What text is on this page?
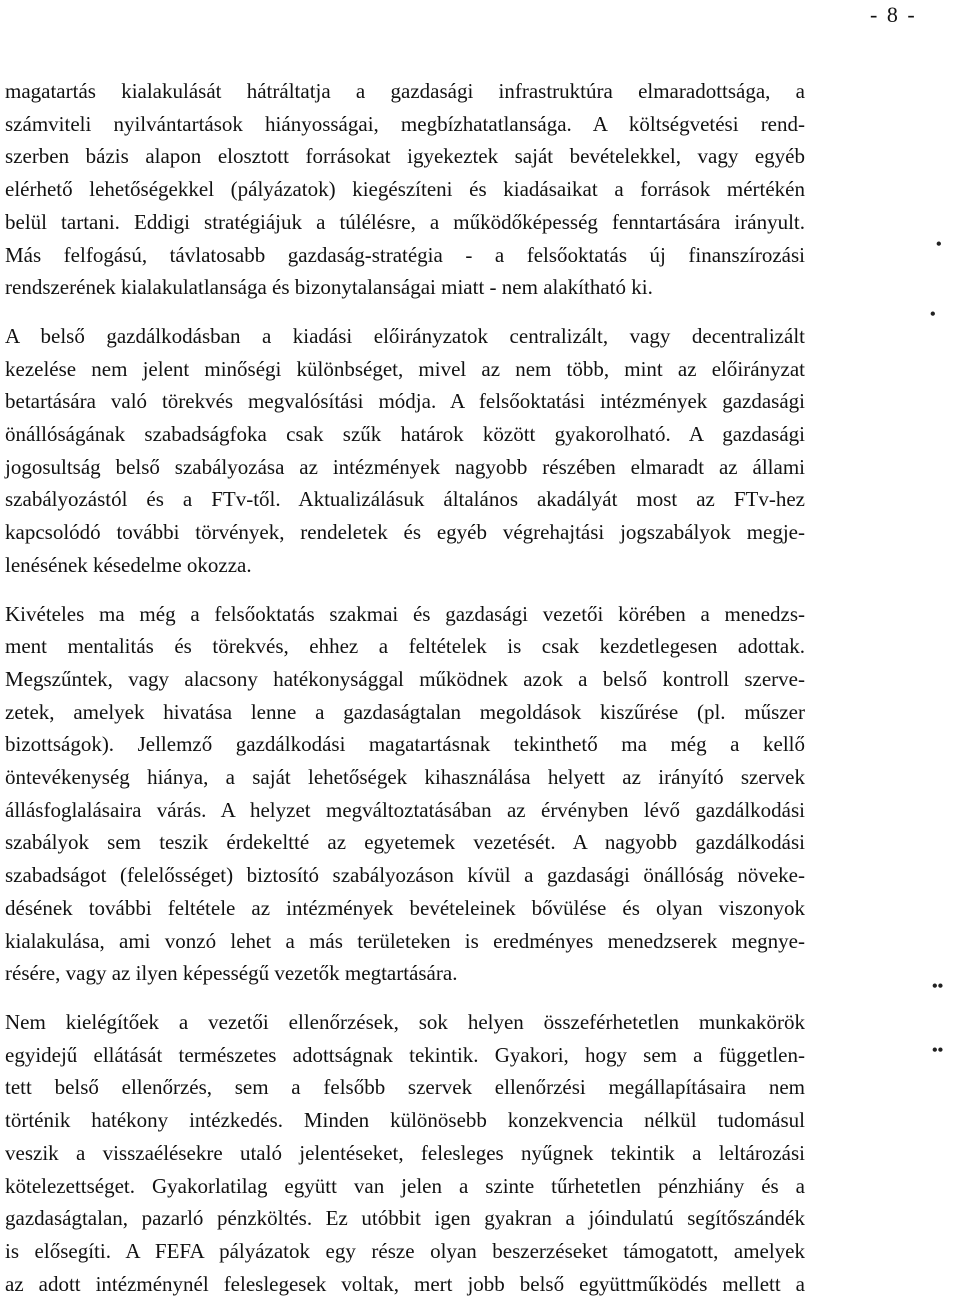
- 8 -

magatartás kialakulását hátráltatja a gazdasági infrastruktúra elmaradottsága, a
számviteli nyilvántartások hiányosságai, megbízhatatlansága. A költségvetési rend-
szerben bázis alapon elosztott forrásokat igyekeztek saját bevételekkel, vagy egyéb
elérhető lehetőségekkel (pályázatok) kiegészíteni és kiadásaikat a források mértékén
belül tartani. Eddigi stratégiájuk a túlélésre, a működőképesség fenntartására irányult.
Más felfogású, távlatosabb gazdaság-stratégia - a felsőoktatás új finanszírozási
rendszerének kialakulatlansága és bizonytalanságai miatt - nem alakítható ki.

A belső gazdálkodásban a kiadási előirányzatok centralizált, vagy decentralizált
kezelése nem jelent minőségi különbséget, mivel az nem több, mint az előirányzat
betartására való törekvés megvalósítási módja. A felsőoktatási intézmények gazdasági
önállóságának szabadságfoka csak szűk határok között gyakorolható. A gazdasági
jogosultság belső szabályozása az intézmények nagyobb részében elmaradt az állami
szabályozástól és a FTv-től. Aktualizálásuk általános akadályát most az FTv-hez
kapcsolódó további törvények, rendeletek és egyéb végrehajtási jogszabályok megje-
lenésének késedelme okozza.

Kivételes ma még a felsőoktatás szakmai és gazdasági vezetői körében a menedzs-
ment mentalitás és törekvés, ehhez a feltételek is csak kezdetlegesen adottak.
Megszűntek, vagy alacsony hatékonysággal működnek azok a belső kontroll szerve-
zetek, amelyek hivatása lenne a gazdaságtalan megoldások kiszűrése (pl. műszer
bizottságok). Jellemző gazdálkodási magatartásnak tekinthető ma még a kellő
öntevékenység hiánya, a saját lehetőségek kihasználása helyett az irányító szervek
állásfoglalásaira várás. A helyzet megváltoztatásában az érvényben lévő gazdálkodási
szabályok sem teszik érdekeltté az egyetemek vezetését. A nagyobb gazdálkodási
szabadságot (felelősséget) biztosító szabályozáson kívül a gazdasági önállóság növeke-
désének további feltétele az intézmények bevételeinek bővülése és olyan viszonyok
kialakulása, ami vonzó lehet a más területeken is eredményes menedzserek megnye-
résére, vagy az ilyen képességű vezetők megtartására.

Nem kielégítőek a vezetői ellenőrzések, sok helyen összeférhetetlen munkakörök
egyidejű ellátását természetes adottságnak tekintik. Gyakori, hogy sem a független-
tett belső ellenőrzés, sem a felsőbb szervek ellenőrzési megállapításaira nem
történik hatékony intézkedés. Minden különösebb konzekvencia nélkül tudomásul
veszik a visszaélésekre utaló jelentéseket, felesleges nyűgnek tekintik a leltározási
kötelezettséget. Gyakorlatilag együtt van jelen a szinte tűrhetetlen pénzhiány és a
gazdaságtalan, pazarló pénzköltés. Ez utóbbit igen gyakran a jóindulatú segítőszándék
is elősegíti. A FEFA pályázatok egy része olyan beszerzéseket támogatott, amelyek
az adott intézménynél feleslegesek voltak, mert jobb belső együttműködés mellett a

•
•
••
••
